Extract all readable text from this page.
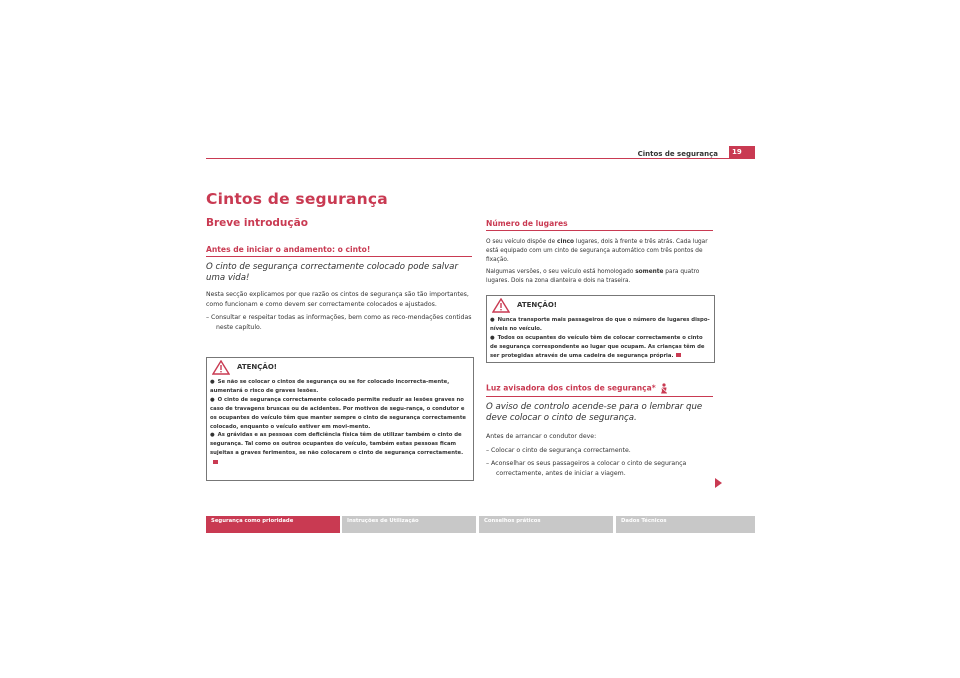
Cintos de segurança	19
Cintos de segurança
Breve introdução
Antes de iniciar o andamento: o cinto!
O cinto de segurança correctamente colocado pode salvar uma vida!

Nesta secção explicamos por que razão os cintos de segurança são tão importantes, como funcionam e como devem ser correctamente colocados e ajustados.

– Consultar e respeitar todas as informações, bem como as reco-mendações contidas neste capítulo.

ATENÇÃO!

● Se não se colocar o cintos de segurança ou se for colocado incorrecta-mente, aumentará o risco de graves lesões.

● O cinto de segurança correctamente colocado permite reduzir as lesões graves no caso de travagens bruscas ou de acidentes. Por motivos de segu-rança, o condutor e os ocupantes do veículo têm que manter sempre o cinto de segurança correctamente colocado, enquanto o veículo estiver em movi-mento.

● As grávidas e as pessoas com deficiência física têm de utilizar também o cinto de segurança. Tal como os outros ocupantes do veículo, também estas pessoas ficam sujeitas a graves ferimentos, se não colocarem o cinto de segurança correctamente.

Número de lugares

O seu veículo dispõe de cinco lugares, dois à frente e três atrás. Cada lugar está equipado com um cinto de segurança automático com três pontos de fixação.

Nalgumas versões, o seu veículo está homologado somente para quatro lugares. Dois na zona dianteira e dois na traseira.

ATENÇÃO!

● Nunca transporte mais passageiros do que o número de lugares dispo-níveis no veículo.

● Todos os ocupantes do veículo têm de colocar correctamente o cinto de segurança correspondente ao lugar que ocupam. As crianças têm de ser protegidas através de uma cadeira de segurança própria.

Luz avisadora dos cintos de segurança*
O aviso de controlo acende-se para o lembrar que deve colocar o cinto de segurança.

Antes de arrancar o condutor deve:

– Colocar o cinto de segurança correctamente.

– Aconselhar os seus passageiros a colocar o cinto de segurança correctamente, antes de iniciar a viagem.

Segurança como prioridade	Instruções de Utilização	Conselhos práticos	Dados Técnicos
